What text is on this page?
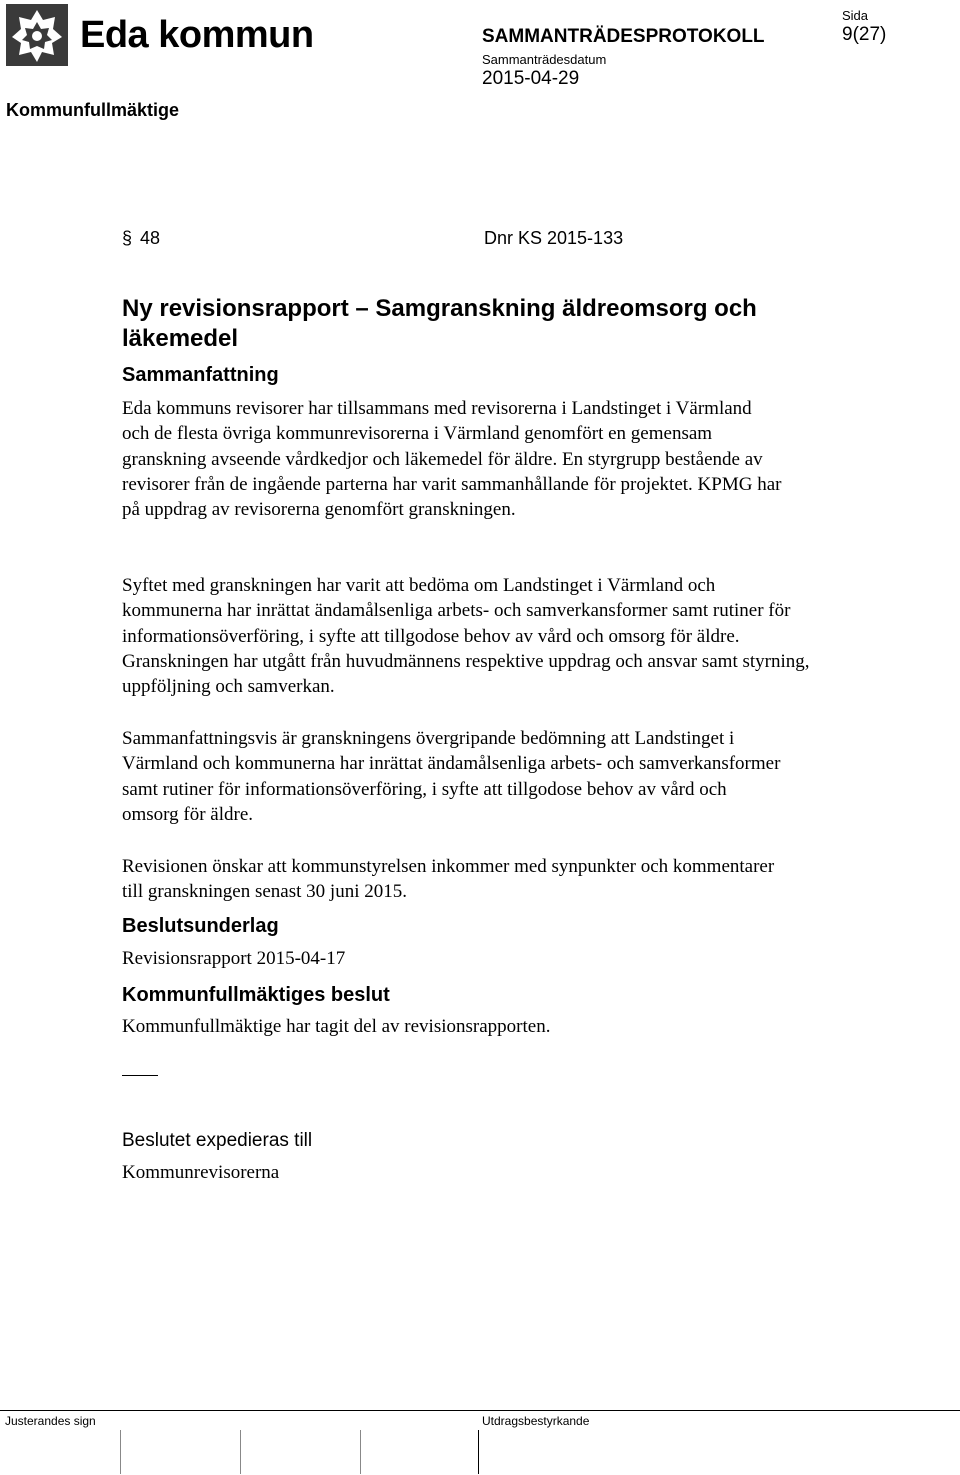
Eda kommun	SAMMANTRÄDESPROTOKOLL
Sammanträdesdatum
2015-04-29
Sida
9(27)
Kommunfullmäktige
§ 48	Dnr KS 2015-133
Ny revisionsrapport – Samgranskning äldreomsorg och läkemedel
Sammanfattning
Eda kommuns revisorer har tillsammans med revisorerna i Landstinget i Värmland och de flesta övriga kommunrevisorerna i Värmland genomfört en gemensam granskning avseende vårdkedjor och läkemedel för äldre. En styrgrupp bestående av revisorer från de ingående parterna har varit sammanhållande för projektet. KPMG har på uppdrag av revisorerna genomfört granskningen.
Syftet med granskningen har varit att bedöma om Landstinget i Värmland och kommunerna har inrättat ändamålsenliga arbets- och samverkansformer samt rutiner för informationsöverföring, i syfte att tillgodose behov av vård och omsorg för äldre. Granskningen har utgått från huvudmännens respektive uppdrag och ansvar samt styrning, uppföljning och samverkan.
Sammanfattningsvis är granskningens övergripande bedömning att Landstinget i Värmland och kommunerna har inrättat ändamålsenliga arbets- och samverkansformer samt rutiner för informationsöverföring, i syfte att tillgodose behov av vård och omsorg för äldre.
Revisionen önskar att kommunstyrelsen inkommer med synpunkter och kommentarer till granskningen senast 30 juni 2015.
Beslutsunderlag
Revisionsrapport 2015-04-17
Kommunfullmäktiges beslut
Kommunfullmäktige har tagit del av revisionsrapporten.
Beslutet expedieras till
Kommunrevisorerna
Justerandes sign	Utdragsbestyrkande
